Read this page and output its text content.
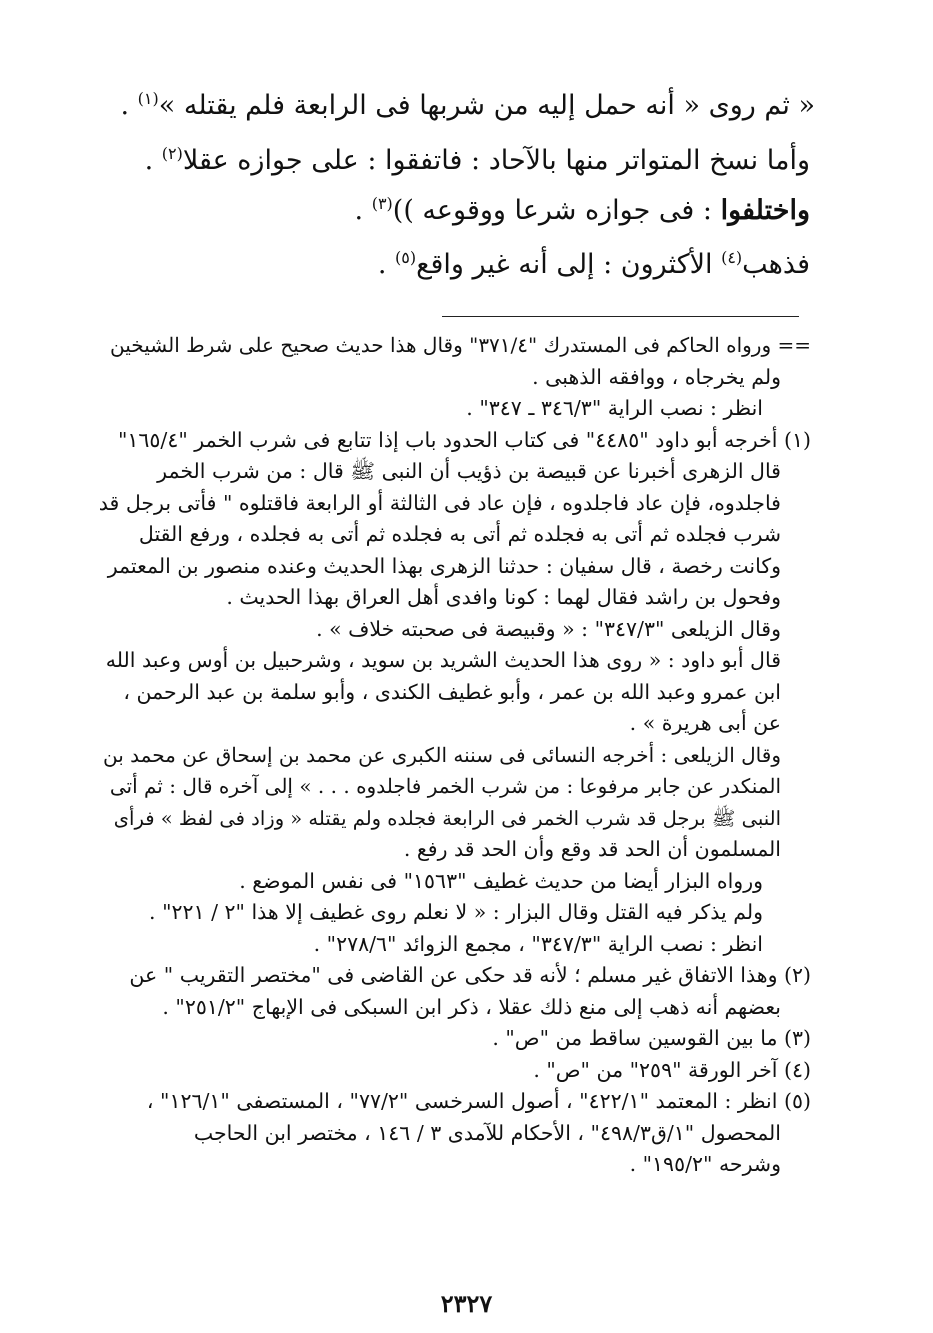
« ثم روى « أنه حمل إليه من شربها فى الرابعة فلم يقتله »$^{(١)}$ .
وأما نسخ المتواتر منها بالآحاد : فاتفقوا : على جوازه عقلا$^{(٢)}$ .
واختلفوا : فى جوازه شرعا ووقوعه ))$^{(٣)}$ .
فذهب$^{(٤)}$ الأكثرون : إلى أنه غير واقع$^{(٥)}$ .
== ورواه الحاكم فى المستدرك "٣٧١/٤" وقال هذا حديث صحيح على شرط الشيخين
ولم يخرجاه ، ووافقه الذهبى .
انظر : نصب الراية "٣٤٦/٣ ـ ٣٤٧" .
(١) أخرجه أبو داود "٤٤٨٥" فى كتاب الحدود باب إذا تتابع فى شرب الخمر "١٦٥/٤"
قال الزهرى أخبرنا عن قبيصة بن ذؤيب أن النبى ﷺ قال : من شرب الخمر
فاجلدوه، فإن عاد فاجلدوه ، فإن عاد فى الثالثة أو الرابعة فاقتلوه " فأتى برجل قد
شرب فجلده ثم أتى به فجلده ثم أتى به فجلده ثم أتى به فجلده ، ورفع القتل
وكانت رخصة ، قال سفيان : حدثنا الزهرى بهذا الحديث وعنده منصور بن المعتمر
وفحول بن راشد فقال لهما : كونا وافدى أهل العراق بهذا الحديث .
وقال الزيلعى "٣٤٧/٣" : « وقبيصة فى صحبته خلاف » .
قال أبو داود : « روى هذا الحديث الشريد بن سويد ، وشرحبيل بن أوس وعبد الله
ابن عمرو وعبد الله بن عمر ، وأبو غطيف الكندى ، وأبو سلمة بن عبد الرحمن ،
عن أبى هريرة » .
وقال الزيلعى : أخرجه النسائى فى سننه الكبرى عن محمد بن إسحاق عن محمد بن
المنكدر عن جابر مرفوعا : من شرب الخمر فاجلدوه . . . » إلى آخره قال : ثم أتى
النبى ﷺ برجل قد شرب الخمر فى الرابعة فجلده ولم يقتله « وزاد فى لفظ » فرأى
المسلمون أن الحد قد وقع وأن الحد قد رفع .
ورواه البزار أيضا من حديث غطيف "١٥٦٣" فى نفس الموضع .
ولم يذكر فيه القتل وقال البزار : « لا نعلم روى غطيف إلا هذا "٢ / ٢٢١" .
انظر : نصب الراية "٣٤٧/٣" ، مجمع الزوائد "٢٧٨/٦" .
(٢) وهذا الاتفاق غير مسلم ؛ لأنه قد حكى عن القاضى فى "مختصر التقريب " عن
بعضهم أنه ذهب إلى منع ذلك عقلا ، ذكر ابن السبكى فى الإبهاج "٢٥١/٢" .
(٣) ما بين القوسين ساقط من "ص" .
(٤) آخر الورقة "٢٥٩" من "ص" .
(٥) انظر : المعتمد "٤٢٢/١" ، أصول السرخسى "٧٧/٢" ، المستصفى "١٢٦/١" ،
المحصول "١/ق٤٩٨/٣" ، الأحكام للآمدى ٣ / ١٤٦ ، مختصر ابن الحاجب
وشرحه "١٩٥/٢" .
٢٣٢٧
